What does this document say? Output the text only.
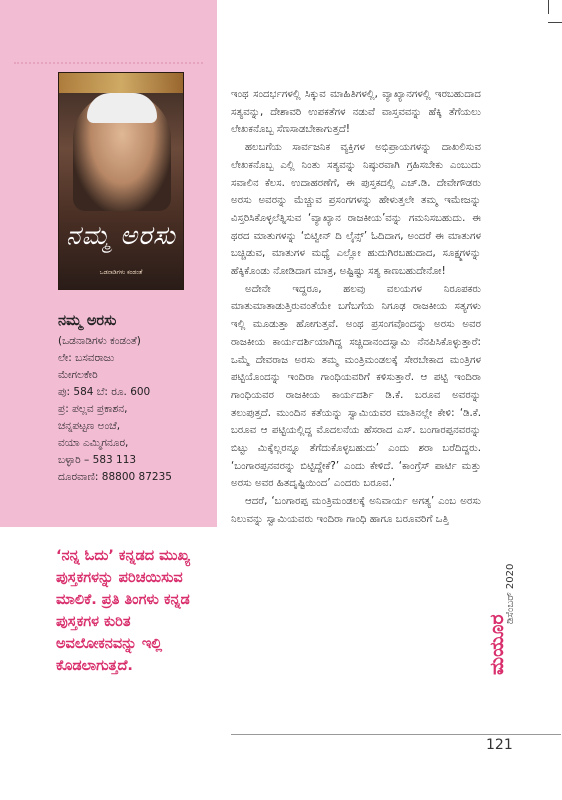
ನಮ್ಮ ಅರಸು
ಒಡನಾಡಿಗಳು ಕಂಡಂತೆ
ನಮ್ಮ ಅರಸು
(ಒಡನಾಡಿಗಳು ಕಂಡಂತೆ)
ಲೇ: ಬಸವರಾಜು
ಮೇಗಲಕೇರಿ
ಪು: 584 ಬೆ: ರೂ. 600
ಪ್ರ: ಪಲ್ಲವ ಪ್ರಕಾಶನ,
ಚನ್ನಪಟ್ಟಣ ಅಂಚೆ,
ವಯಾ ಎಮ್ಮಿಗನೂರ,
ಬಳ್ಳಾರಿ – 583 113
ದೂರವಾಣಿ: 88800 87235
‘ನನ್ನ ಓದು’ ಕನ್ನಡದ ಮುಖ್ಯ ಪುಸ್ತಕಗಳನ್ನು ಪರಿಚಯಿಸುವ ಮಾಲಿಕೆ. ಪ್ರತಿ ತಿಂಗಳು ಕನ್ನಡ ಪುಸ್ತಕಗಳ ಕುರಿತ ಅವಲೋಕನವನ್ನು ಇಲ್ಲಿ ಕೊಡಲಾಗುತ್ತದೆ.

ಇಂಥ ಸಂದರ್ಭಗಳಲ್ಲಿ ಸಿಕ್ಕುವ ಮಾಹಿತಿಗಳಲ್ಲಿ, ವ್ಯಾಖ್ಯಾನಗಳಲ್ಲಿ ಇರಬಹುದಾದ ಸತ್ಯವನ್ನು, ದೇಶಾವರಿ ಉಪಕತೆಗಳ ನಡುವೆ ವಾಸ್ತವವನ್ನು ಹೆಕ್ಕಿ ತೆಗೆಯಲು ಲೇಖಕನೊಬ್ಬ ಸೆಣಸಾಡಬೇಕಾಗುತ್ತದೆ!

ಹಲಬಗೆಯ ಸಾರ್ವಜನಿಕ ವ್ಯಕ್ತಿಗಳ ಅಭಿಪ್ರಾಯಗಳನ್ನು ದಾಖಲಿಸುವ ಲೇಖಕನೊಬ್ಬ ಎಲ್ಲಿ ನಿಂತು ಸತ್ಯವನ್ನು ನಿಷ್ಠುರವಾಗಿ ಗ್ರಹಿಸಬೇಕು ಎಂಬುದು ಸವಾಲಿನ ಕೆಲಸ. ಉದಾಹರಣೆಗೆ, ಈ ಪುಸ್ತಕದಲ್ಲಿ ಎಚ್.ಡಿ. ದೇವೇಗೌಡರು ಅರಸು ಅವರನ್ನು ಮೆಚ್ಚುವ ಪ್ರಸಂಗಗಳನ್ನು ಹೇಳುತ್ತಲೇ ತಮ್ಮ ಇಮೇಜನ್ನು ವಿಸ್ತರಿಸಿಕೊಳ್ಳಲೆತ್ನಿಸುವ ‘ವ್ಯಾಖ್ಯಾನ ರಾಜಕೀಯ’ವನ್ನು ಗಮನಿಸಬಹುದು. ಈ ಥರದ ಮಾತುಗಳನ್ನು ‘ಬಿಟ್ವೀನ್ ದಿ ಲೈನ್ಸ್’ ಓದಿದಾಗ, ಅಂದರೆ ಈ ಮಾತುಗಳ ಬಚ್ಚಿಡುವ, ಮಾತುಗಳ ಮಧ್ಯೆ ಎಲ್ಲೋ ಹುದುಗಿರಬಹುದಾದ, ಸೂಕ್ಷ್ಮಗಳನ್ನು ಹೆಕ್ಕಿಕೊಂಡು ನೋಡಿದಾಗ ಮಾತ್ರ, ಅಷ್ಟಿಷ್ಟು ಸತ್ಯ ಕಾಣಬಹುದೇನೋ!

ಅದೇನೇ ಇದ್ದರೂ, ಹಲವು ವಲಯಗಳ ನಿರೂಪಕರು ಮಾತುಮಾತಾಡುತ್ತಿರುವಂತೆಯೇ ಬಗೆಬಗೆಯ ನಿಗೂಢ ರಾಜಕೀಯ ಸತ್ಯಗಳು ಇಲ್ಲಿ ಮೂಡುತ್ತಾ ಹೋಗುತ್ತವೆ. ಅಂಥ ಪ್ರಸಂಗವೊಂದನ್ನು ಅರಸು ಅವರ ರಾಜಕೀಯ ಕಾರ್ಯದರ್ಶಿಯಾಗಿದ್ದ ಸಚ್ಚಿದಾನಂದಸ್ವಾಮಿ ನೆನಪಿಸಿಕೊಳ್ಳುತ್ತಾರೆ: ಒಮ್ಮೆ ದೇವರಾಜ ಅರಸು ತಮ್ಮ ಮಂತ್ರಿಮಂಡಲಕ್ಕೆ ಸೇರಬೇಕಾದ ಮಂತ್ರಿಗಳ ಪಟ್ಟಿಯೊಂದನ್ನು ಇಂದಿರಾ ಗಾಂಧಿಯವರಿಗೆ ಕಳಿಸುತ್ತಾರೆ. ಆ ಪಟ್ಟಿ ಇಂದಿರಾ ಗಾಂಧಿಯವರ ರಾಜಕೀಯ ಕಾರ್ಯದರ್ಶಿ ಡಿ.ಕೆ. ಬರೂವ ಅವರನ್ನು ತಲುಪುತ್ತದೆ. ಮುಂದಿನ ಕತೆಯನ್ನು ಸ್ವಾಮಿಯವರ ಮಾತಿನಲ್ಲೇ ಕೇಳಿ: ‘ಡಿ.ಕೆ. ಬರೂವ ಆ ಪಟ್ಟಿಯಲ್ಲಿದ್ದ ಮೊದಲನೆಯ ಹೆಸರಾದ ಎಸ್. ಬಂಗಾರಪ್ಪನವರನ್ನು ಬಿಟ್ಟು ಮಿಕ್ಕೆಲ್ಲರನ್ನೂ ತೆಗೆದುಕೊಳ್ಳಬಹುದು’ ಎಂದು ಶರಾ ಬರೆದಿದ್ದರು. ‘ಬಂಗಾರಪ್ಪನವರನ್ನು ಬಿಟ್ಟಿದ್ದೇಕೆ?’ ಎಂದು ಕೇಳಿದೆ. ‘ಕಾಂಗ್ರೆಸ್ ಪಾರ್ಟಿ ಮತ್ತು ಅರಸು ಅವರ ಹಿತದೃಷ್ಟಿಯಿಂದ’ ಎಂದರು ಬರೂವ.’

ಆದರೆ, ‘ಬಂಗಾರಪ್ಪ ಮಂತ್ರಿಮಂಡಲಕ್ಕೆ ಅನಿವಾರ್ಯ ಅಗತ್ಯ’ ಎಂಬ ಅರಸು ನಿಲುವನ್ನು ಸ್ವಾಮಿಯವರು ಇಂದಿರಾ ಗಾಂಧಿ ಹಾಗೂ ಬರೂವರಿಗೆ ಒತ್ತಿ

ಮಯೂರ
ಡಿಸೆಂಬರ್ 2020
121
